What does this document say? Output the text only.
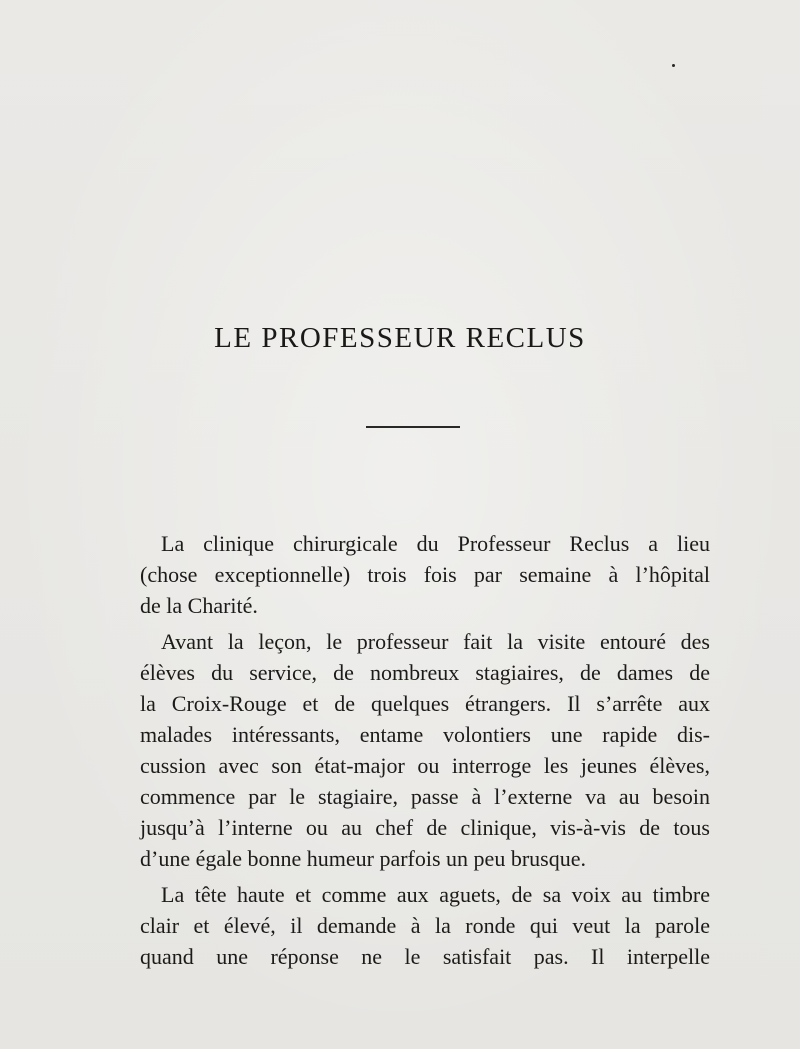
LE PROFESSEUR RECLUS
La clinique chirurgicale du Professeur Reclus a lieu
(chose exceptionnelle) trois fois par semaine à l’hôpital
de la Charité.
Avant la leçon, le professeur fait la visite entouré des
élèves du service, de nombreux stagiaires, de dames de
la Croix-Rouge et de quelques étrangers. Il s’arrête aux
malades intéressants, entame volontiers une rapide dis-
cussion avec son état-major ou interroge les jeunes élèves,
commence par le stagiaire, passe à l’externe va au besoin
jusqu’à l’interne ou au chef de clinique, vis-à-vis de tous
d’une égale bonne humeur parfois un peu brusque.
La tête haute et comme aux aguets, de sa voix au timbre
clair et élevé, il demande à la ronde qui veut la parole
quand une réponse ne le satisfait pas. Il interpelle
